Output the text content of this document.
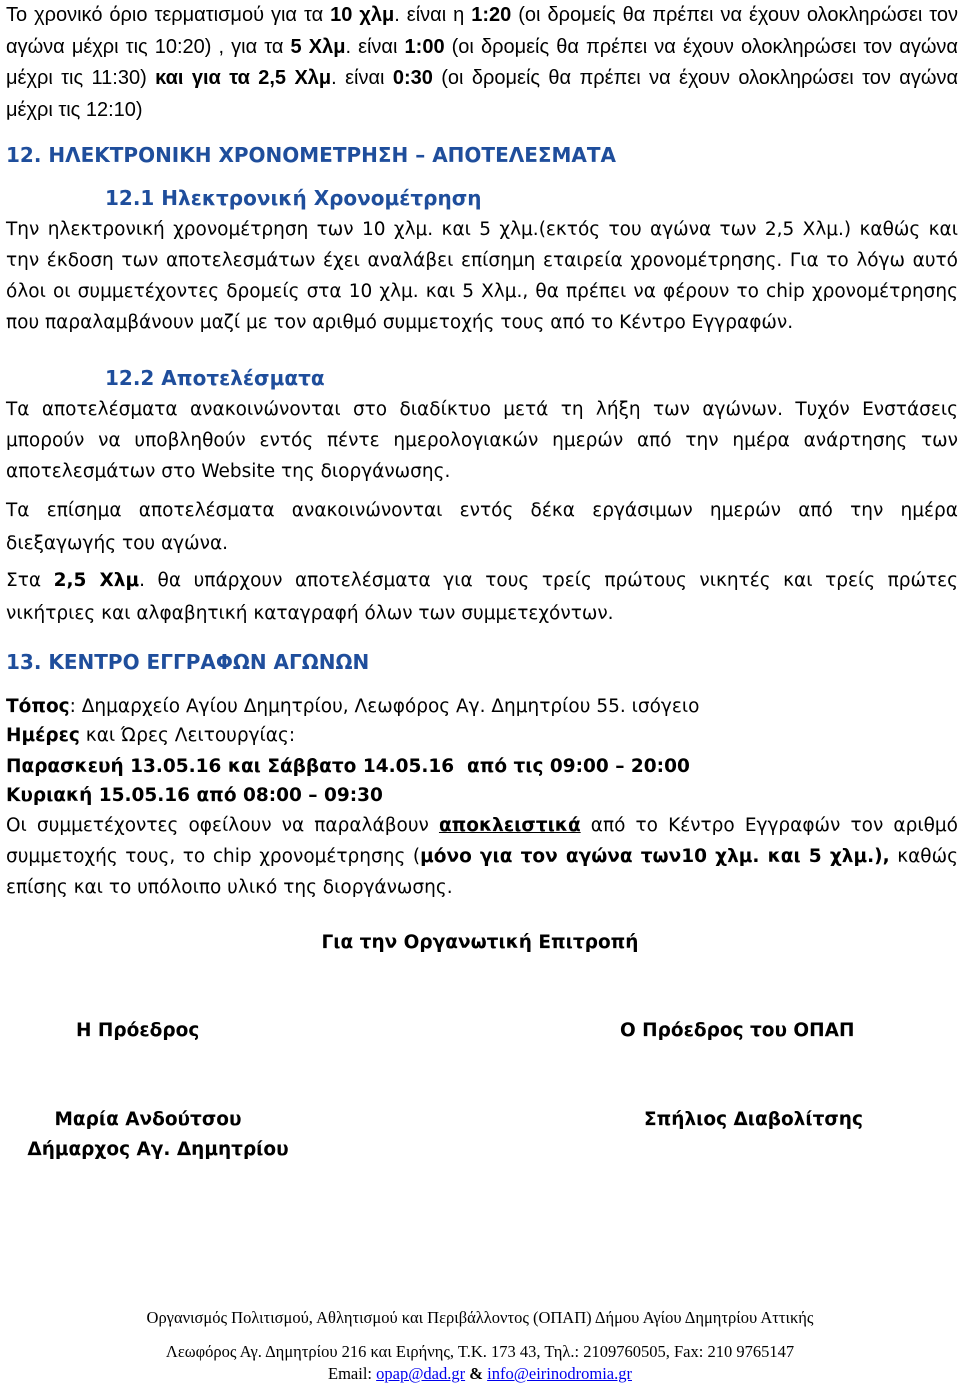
Το χρονικό όριο τερματισμού για τα 10 χλμ. είναι η 1:20 (οι δρομείς θα πρέπει να έχουν ολοκληρώσει τον αγώνα μέχρι τις 10:20) , για τα 5 Χλμ. είναι 1:00 (οι δρομείς θα πρέπει να έχουν ολοκληρώσει τον αγώνα μέχρι τις 11:30) και για τα 2,5 Χλμ. είναι 0:30 (οι δρομείς θα πρέπει να έχουν ολοκληρώσει τον αγώνα μέχρι τις 12:10)

12. ΗΛΕΚΤΡΟΝΙΚΗ ΧΡΟΝΟΜΕΤΡΗΣΗ – ΑΠΟΤΕΛΕΣΜΑΤΑ
12.1 Ηλεκτρονική Χρονομέτρηση

Την ηλεκτρονική χρονομέτρηση των 10 χλμ. και 5 χλμ.(εκτός του αγώνα των 2,5 Χλμ.) καθώς και την έκδοση των αποτελεσμάτων έχει αναλάβει επίσημη εταιρεία χρονομέτρησης. Για το λόγω αυτό όλοι οι συμμετέχοντες δρομείς στα 10 χλμ. και 5 Χλμ., θα πρέπει να φέρουν το chip χρονομέτρησης που παραλαμβάνουν μαζί με τον αριθμό συμμετοχής τους από το Κέντρο Εγγραφών.

12.2 Αποτελέσματα

Τα αποτελέσματα ανακοινώνονται στο διαδίκτυο μετά τη λήξη των αγώνων. Τυχόν Ενστάσεις μπορούν να υποβληθούν εντός πέντε ημερολογιακών ημερών από την ημέρα ανάρτησης των αποτελεσμάτων στο Website της διοργάνωσης.

Τα επίσημα αποτελέσματα ανακοινώνονται εντός δέκα εργάσιμων ημερών από την ημέρα διεξαγωγής του αγώνα.

Στα 2,5 Χλμ. θα υπάρχουν αποτελέσματα για τους τρείς πρώτους νικητές και τρείς πρώτες νικήτριες και αλφαβητική καταγραφή όλων των συμμετεχόντων.

13. ΚΕΝΤΡΟ ΕΓΓΡΑΦΩΝ ΑΓΩΝΩΝ
Τόπος: Δημαρχείο Αγίου Δημητρίου, Λεωφόρος Αγ. Δημητρίου 55. ισόγειο
Ημέρες και Ώρες Λειτουργίας:
Παρασκευή 13.05.16 και Σάββατο 14.05.16  από τις 09:00 – 20:00
Κυριακή 15.05.16 από 08:00 – 09:30

Οι συμμετέχοντες οφείλουν να παραλάβουν αποκλειστικά από το Κέντρο Εγγραφών τον αριθμό συμμετοχής τους, το chip χρονομέτρησης (μόνο για τον αγώνα των10 χλμ. και 5 χλμ.), καθώς επίσης και το υπόλοιπο υλικό της διοργάνωσης.

Για την Οργανωτική Επιτροπή
Η Πρόεδρος	Ο Πρόεδρος του ΟΠΑΠ
Μαρία Ανδούτσου
Δήμαρχος Αγ. Δημητρίου
Σπήλιος Διαβολίτσης
Οργανισμός Πολιτισμού, Αθλητισμού και Περιβάλλοντος (ΟΠΑΠ) Δήμου Αγίου Δημητρίου Αττικής
Λεωφόρος Αγ. Δημητρίου 216 και Ειρήνης, Τ.Κ. 173 43, Τηλ.: 2109760505, Fax: 210 9765147
Email: opap@dad.gr & info@eirinodromia.gr
